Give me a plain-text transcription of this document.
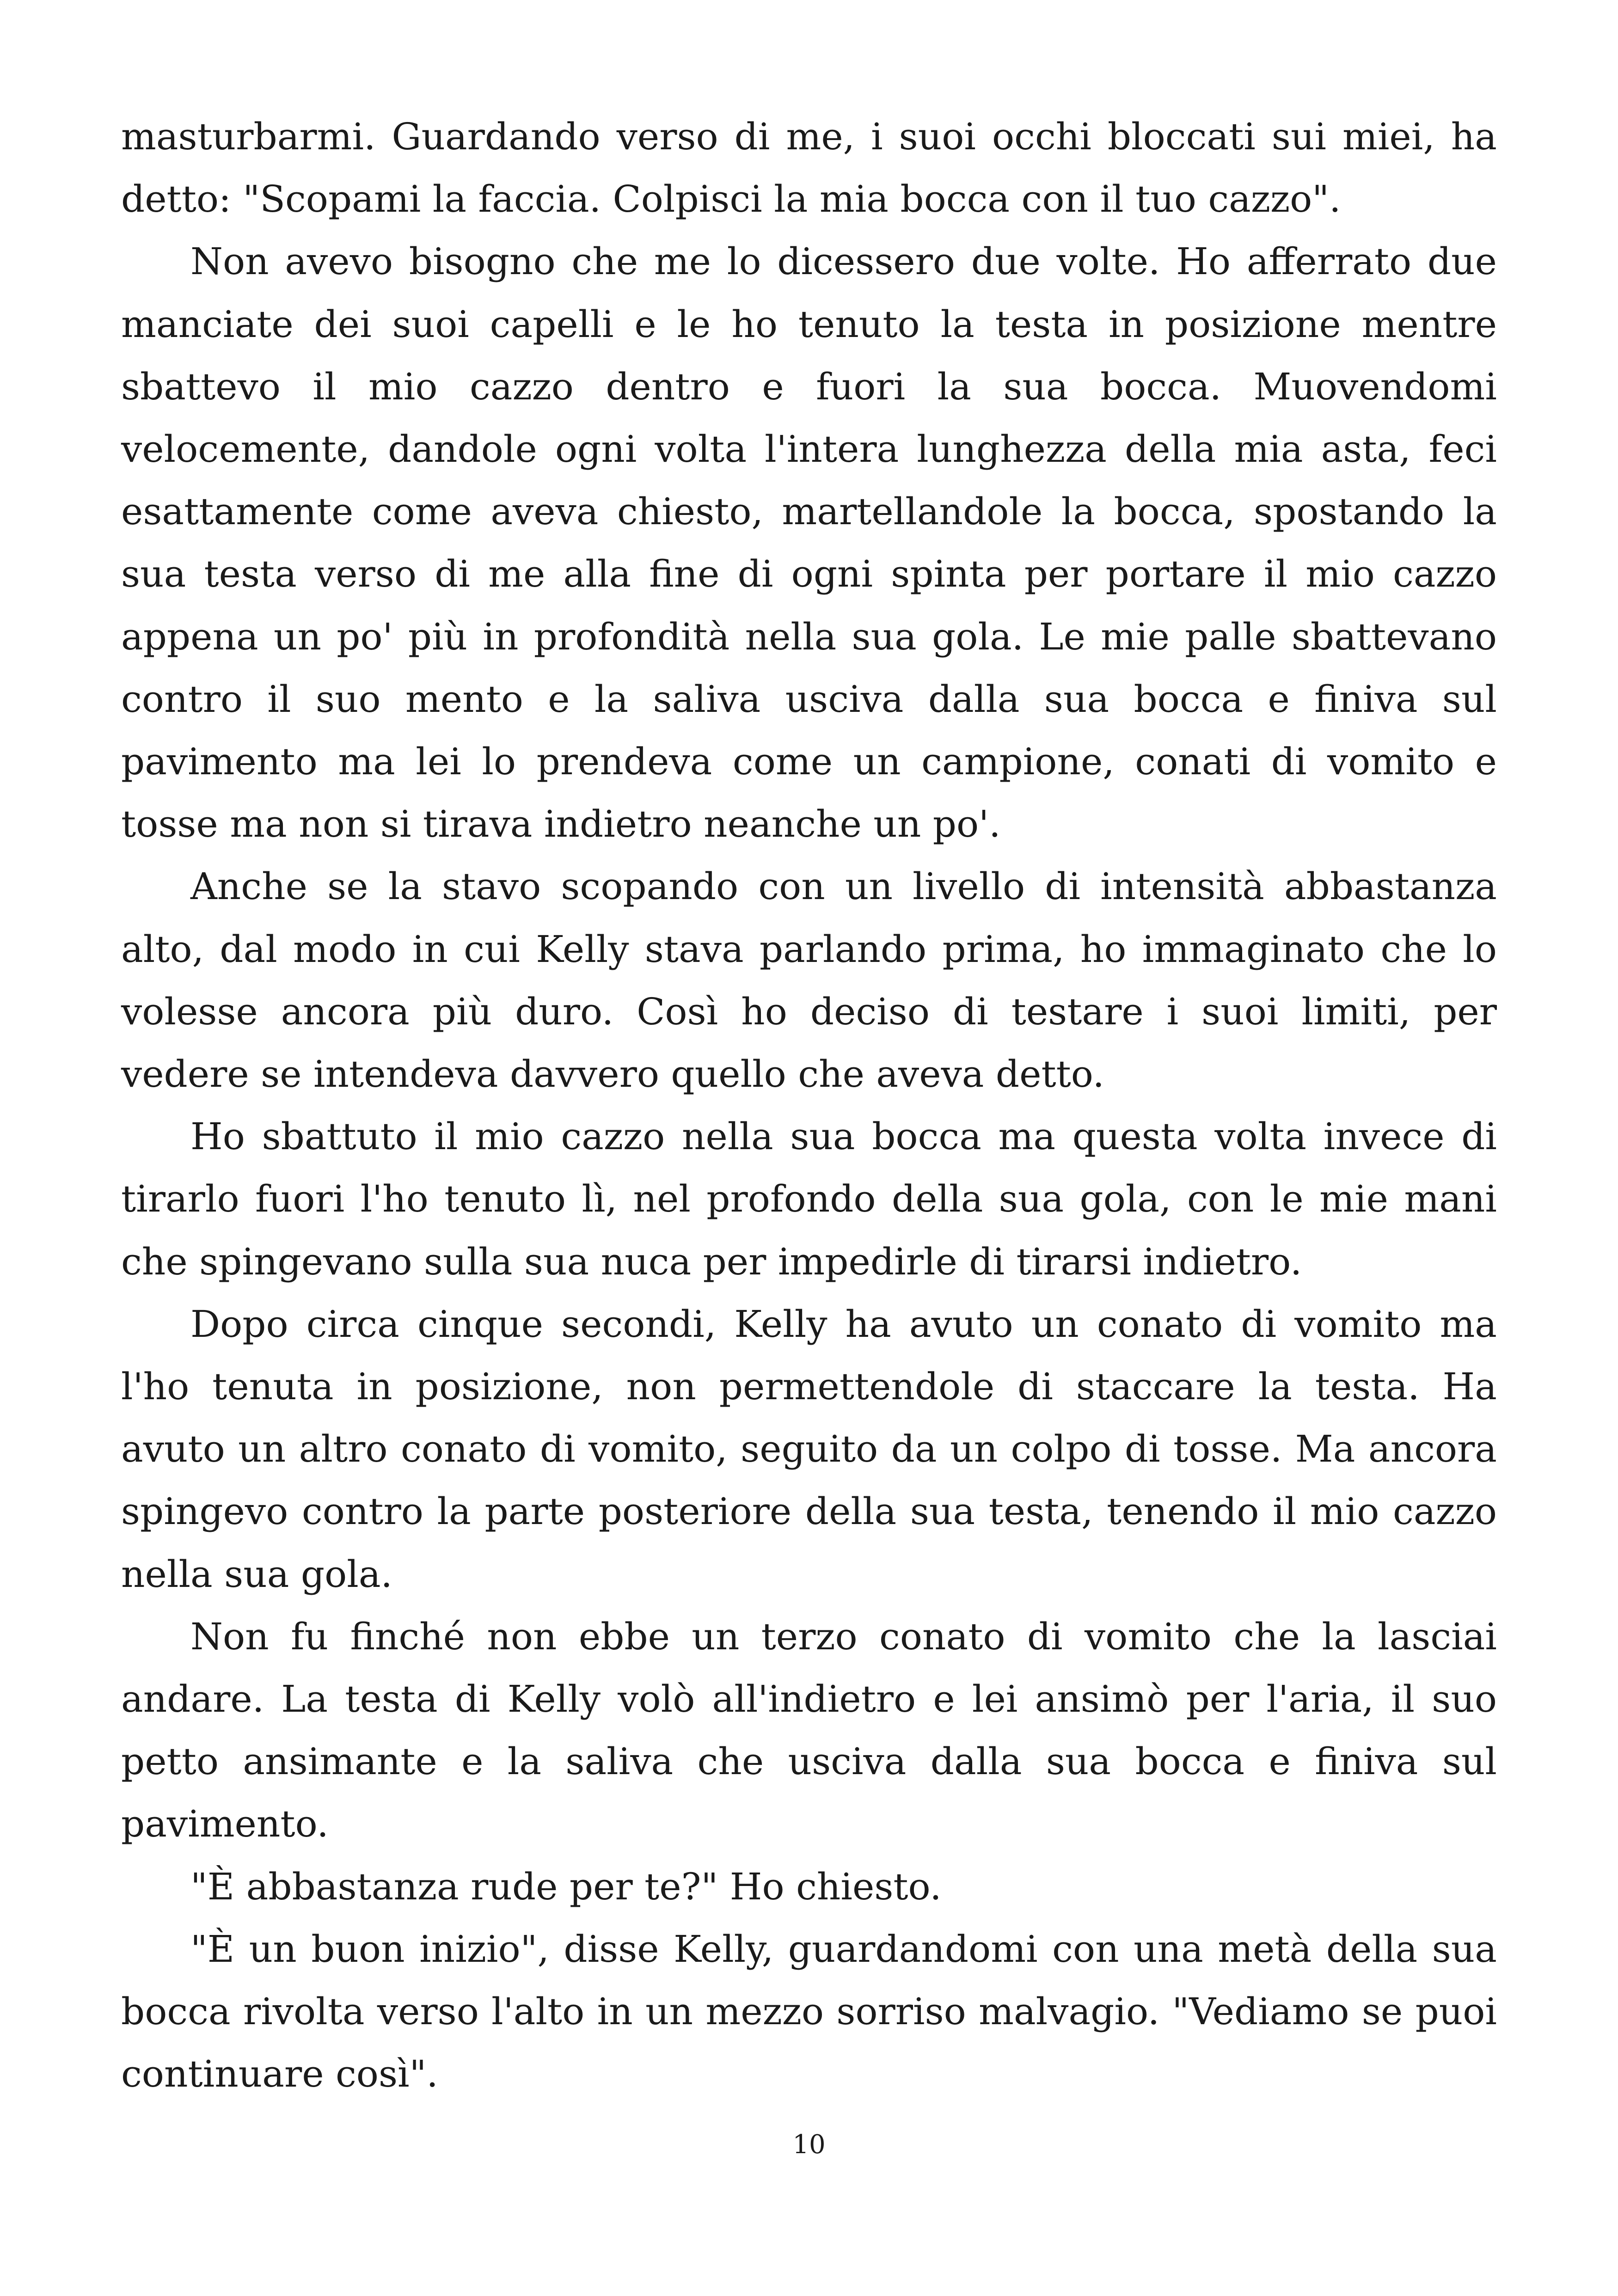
masturbarmi. Guardando verso di me, i suoi occhi bloccati sui miei, ha detto: "Scopami la faccia. Colpisci la mia bocca con il tuo cazzo".

Non avevo bisogno che me lo dicessero due volte. Ho afferrato due manciate dei suoi capelli e le ho tenuto la testa in posizione mentre sbattevo il mio cazzo dentro e fuori la sua bocca. Muovendomi velocemente, dandole ogni volta l'intera lunghezza della mia asta, feci esattamente come aveva chiesto, martellandole la bocca, spostando la sua testa verso di me alla fine di ogni spinta per portare il mio cazzo appena un po' più in profondità nella sua gola. Le mie palle sbattevano contro il suo mento e la saliva usciva dalla sua bocca e finiva sul pavimento ma lei lo prendeva come un campione, conati di vomito e tosse ma non si tirava indietro neanche un po'.

Anche se la stavo scopando con un livello di intensità abbastanza alto, dal modo in cui Kelly stava parlando prima, ho immaginato che lo volesse ancora più duro. Così ho deciso di testare i suoi limiti, per vedere se intendeva davvero quello che aveva detto.

Ho sbattuto il mio cazzo nella sua bocca ma questa volta invece di tirarlo fuori l'ho tenuto lì, nel profondo della sua gola, con le mie mani che spingevano sulla sua nuca per impedirle di tirarsi indietro.

Dopo circa cinque secondi, Kelly ha avuto un conato di vomito ma l'ho tenuta in posizione, non permettendole di staccare la testa. Ha avuto un altro conato di vomito, seguito da un colpo di tosse. Ma ancora spingevo contro la parte posteriore della sua testa, tenendo il mio cazzo nella sua gola.

Non fu finché non ebbe un terzo conato di vomito che la lasciai andare. La testa di Kelly volò all'indietro e lei ansimò per l'aria, il suo petto ansimante e la saliva che usciva dalla sua bocca e finiva sul pavimento.

"È abbastanza rude per te?" Ho chiesto.

"È un buon inizio", disse Kelly, guardandomi con una metà della sua bocca rivolta verso l'alto in un mezzo sorriso malvagio. "Vediamo se puoi continuare così".

10
